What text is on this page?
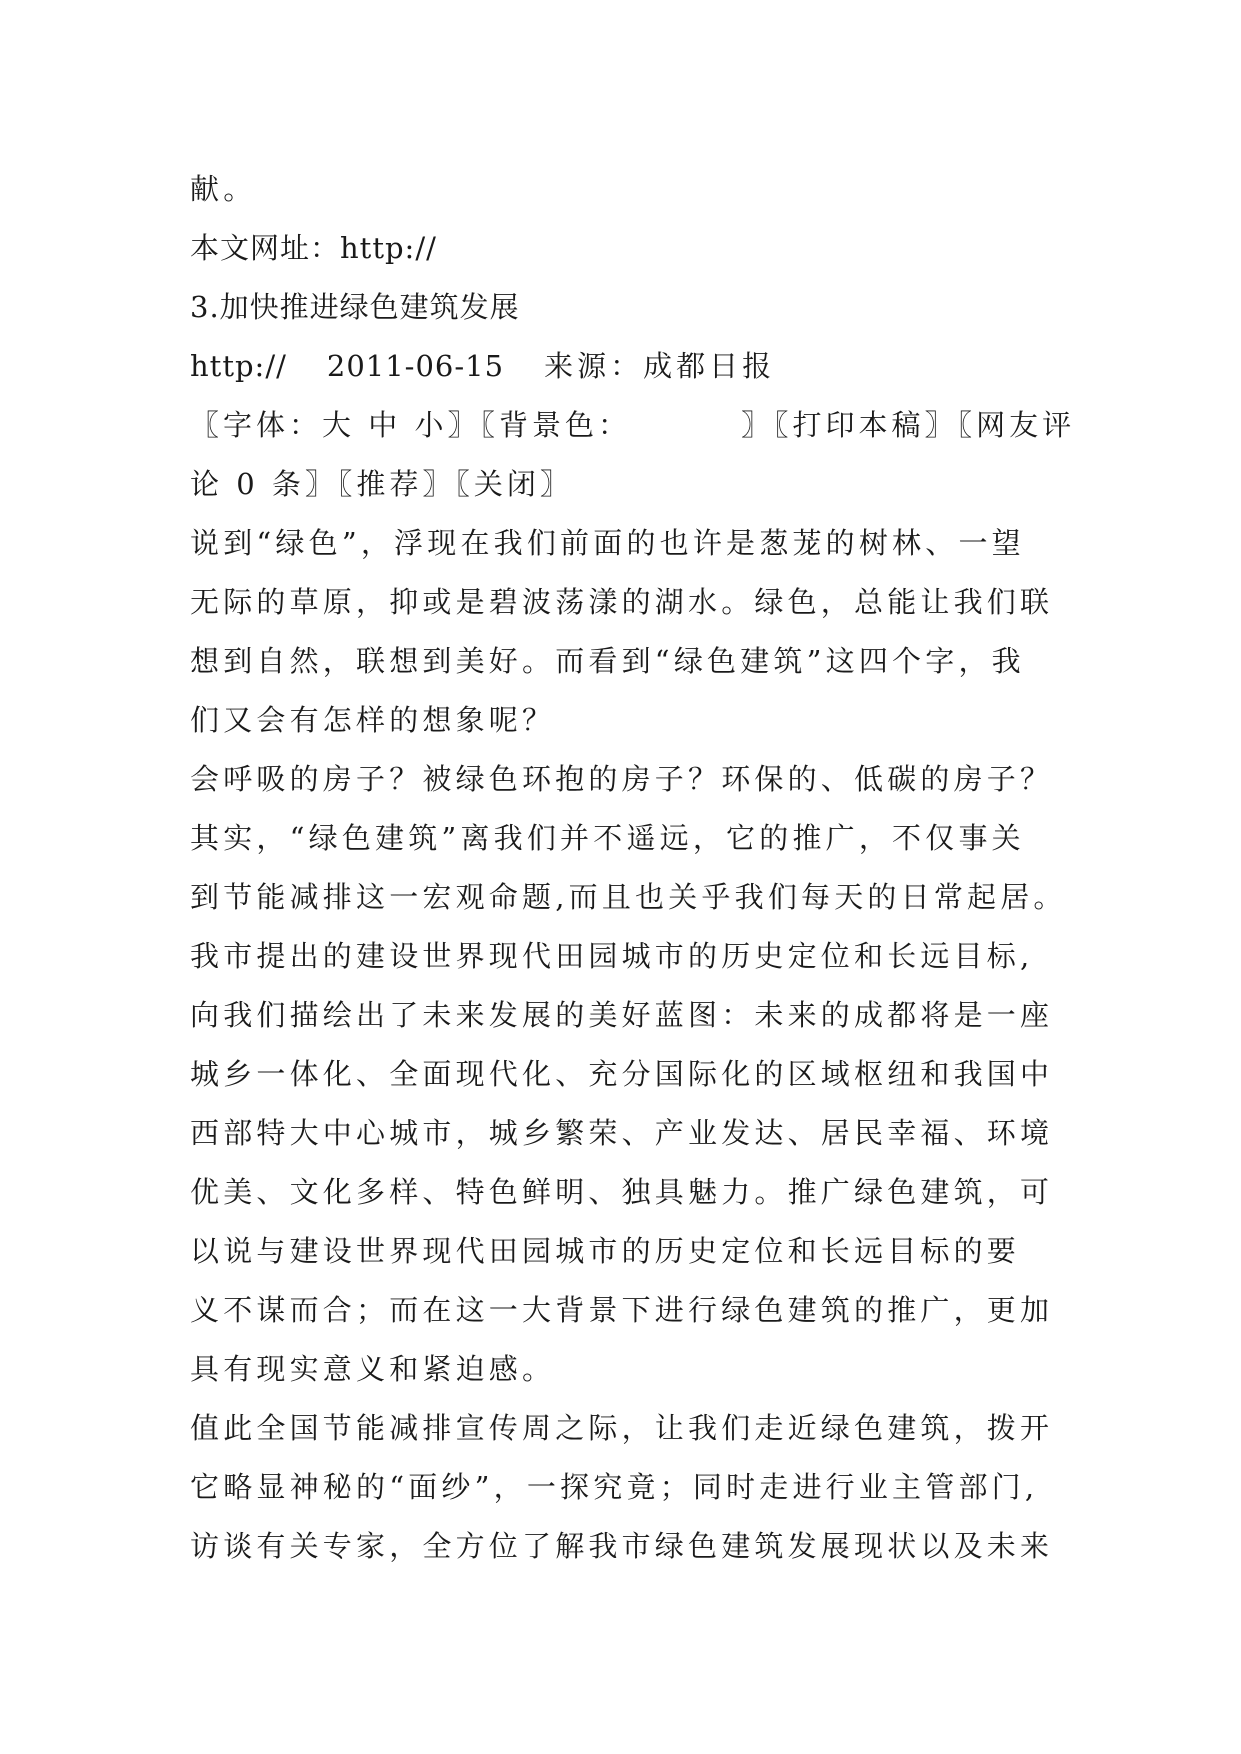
献。

本文网址：http://

3.加快推进绿色建筑发展

http:// 2011-06-15 来源：成都日报

〖字体：大 中 小〗〖背景色：	〗〖打印本稿〗〖网友评
论 0 条〗〖推荐〗〖关闭〗

说到“绿色”，浮现在我们前面的也许是葱茏的树林、一望

无际的草原，抑或是碧波荡漾的湖水。绿色，总能让我们联

想到自然，联想到美好。而看到“绿色建筑”这四个字，我

们又会有怎样的想象呢？

会呼吸的房子？被绿色环抱的房子？环保的、低碳的房子？

其实，“绿色建筑”离我们并不遥远，它的推广，不仅事关

到节能减排这一宏观命题,而且也关乎我们每天的日常起居。

我市提出的建设世界现代田园城市的历史定位和长远目标,

向我们描绘出了未来发展的美好蓝图：未来的成都将是一座

城乡一体化、全面现代化、充分国际化的区域枢纽和我国中

西部特大中心城市，城乡繁荣、产业发达、居民幸福、环境

优美、文化多样、特色鲜明、独具魅力。推广绿色建筑，可

以说与建设世界现代田园城市的历史定位和长远目标的要

义不谋而合；而在这一大背景下进行绿色建筑的推广，更加

具有现实意义和紧迫感。

值此全国节能减排宣传周之际，让我们走近绿色建筑，拨开

它略显神秘的“面纱”，一探究竟；同时走进行业主管部门,

访谈有关专家，全方位了解我市绿色建筑发展现状以及未来
